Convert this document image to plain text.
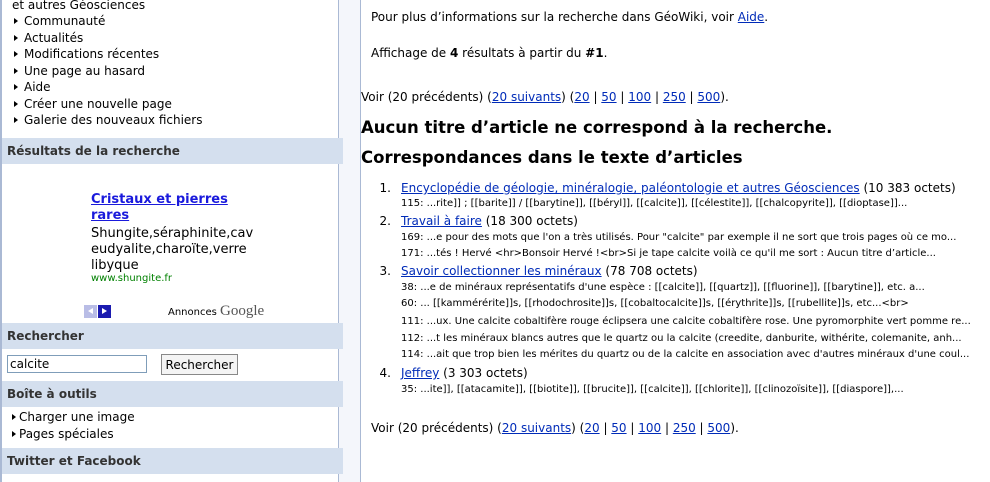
et autres Géosciences
Communauté
Actualités
Modifications récentes
Une page au hasard
Aide
Créer une nouvelle page
Galerie des nouveaux fichiers
Résultats de la recherche
Cristaux et pierres rares
Shungite,séraphinite,cav
eudyalite,charoïte,verre
libyque
www.shungite.fr
Annonces Google
Rechercher
calcite
Rechercher
Boîte à outils
Charger une image
Pages spéciales
Twitter et Facebook
Pour plus d’informations sur la recherche dans GéoWiki, voir Aide.
Affichage de 4 résultats à partir du #1.
Voir (20 précédents) (20 suivants) (20 | 50 | 100 | 250 | 500).
Aucun titre d’article ne correspond à la recherche.
Correspondances dans le texte d’articles
1. Encyclopédie de géologie, minéralogie, paléontologie et autres Géosciences (10 383 octets)
115: ...rite]] ; [[barite]] / [[barytine]], [[béryl]], [[calcite]], [[célestite]], [[chalcopyrite]], [[dioptase]]...
2. Travail à faire (18 300 octets)
169: ...e pour des mots que l'on a très utilisés. Pour "calcite" par exemple il ne sort que trois pages où ce mo...
171: ...tés ! Hervé <hr>Bonsoir Hervé !<br>Si je tape calcite voilà ce qu'il me sort : Aucun titre d’article...
3. Savoir collectionner les minéraux (78 708 octets)
38: ...e de minéraux représentatifs d'une espèce : [[calcite]], [[quartz]], [[fluorine]], [[barytine]], etc. a...
60: ... [[kammérérite]]s, [[rhodochrosite]]s, [[cobaltocalcite]]s, [[érythrite]]s, [[rubellite]]s, etc...<br>
111: ...ux. Une calcite cobaltifère rouge éclipsera une calcite cobaltifère rose. Une pyromorphite vert pomme re...
112: ...t les minéraux blancs autres que le quartz ou la calcite (creedite, danburite, withérite, colemanite, anh...
114: ...ait que trop bien les mérites du quartz ou de la calcite en association avec d'autres minéraux d'une coul...
4. Jeffrey (3 303 octets)
35: ...ite]], [[atacamite]], [[biotite]], [[brucite]], [[calcite]], [[chlorite]], [[clinozoïsite]], [[diaspore]],...
Voir (20 précédents) (20 suivants) (20 | 50 | 100 | 250 | 500).
